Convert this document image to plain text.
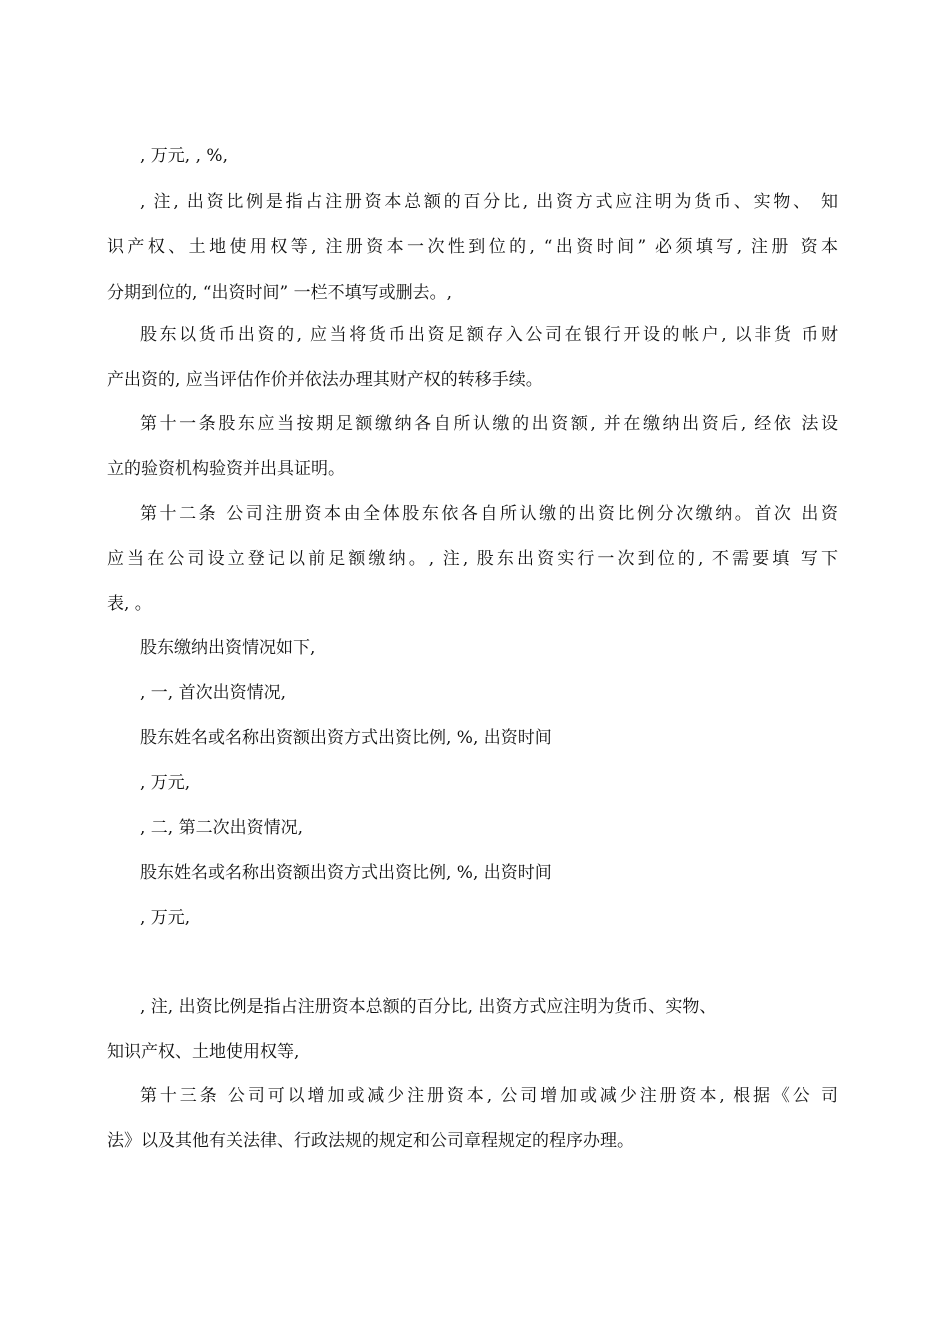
, 万元, , %,
, 注, 出资比例是指占注册资本总额的百分比, 出资方式应注明为货币、实物、 知
识产权、土地使用权等, 注册资本一次性到位的, “出资时间” 必须填写, 注册 资本
分期到位的, “出资时间” 一栏不填写或删去。,
股东以货币出资的, 应当将货币出资足额存入公司在银行开设的帐户, 以非货 币财
产出资的, 应当评估作价并依法办理其财产权的转移手续。
第十一条股东应当按期足额缴纳各自所认缴的出资额, 并在缴纳出资后, 经依 法设
立的验资机构验资并出具证明。
第十二条 公司注册资本由全体股东依各自所认缴的出资比例分次缴纳。首次 出资
应当在公司设立登记以前足额缴纳。, 注, 股东出资实行一次到位的, 不需要填 写下
表, 。
股东缴纳出资情况如下,
, 一, 首次出资情况,
股东姓名或名称出资额出资方式出资比例, %, 出资时间
, 万元,
, 二, 第二次出资情况,
股东姓名或名称出资额出资方式出资比例, %, 出资时间
, 万元,
, 注, 出资比例是指占注册资本总额的百分比, 出资方式应注明为货币、实物、
知识产权、土地使用权等,
第十三条 公司可以增加或减少注册资本, 公司增加或减少注册资本, 根据《公 司
法》以及其他有关法律、行政法规的规定和公司章程规定的程序办理。
